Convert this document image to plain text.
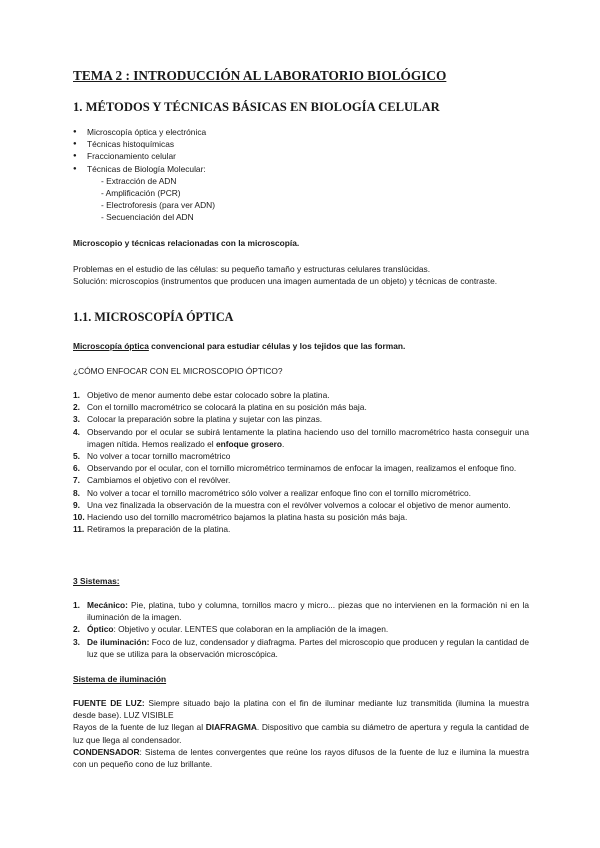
TEMA 2 : INTRODUCCIÓN AL LABORATORIO BIOLÓGICO
1. MÉTODOS Y TÉCNICAS BÁSICAS EN BIOLOGÍA CELULAR
● Microscopía óptica y electrónica
● Técnicas histoquímicas
● Fraccionamiento celular
● Técnicas de Biología Molecular:
- Extracción de ADN
- Amplificación (PCR)
- Electroforesis (para ver ADN)
- Secuenciación del ADN
Microscopio y técnicas relacionadas con la microscopía.
Problemas en el estudio de las células: su pequeño tamaño y estructuras celulares translúcidas.
Solución: microscopios (instrumentos que producen una imagen aumentada de un objeto) y técnicas de contraste.
1.1. MICROSCOPÍA ÓPTICA
Microscopía óptica convencional para estudiar células y los tejidos que las forman.
¿CÓMO ENFOCAR CON EL MICROSCOPIO ÓPTICO?
1. Objetivo de menor aumento debe estar colocado sobre la platina.
2. Con el tornillo macrométrico se colocará la platina en su posición más baja.
3. Colocar la preparación sobre la platina y sujetar con las pinzas.
4. Observando por el ocular se subirá lentamente la platina haciendo uso del tornillo macrométrico hasta conseguir una imagen nítida. Hemos realizado el enfoque grosero.
5. No volver a tocar tornillo macrométrico
6. Observando por el ocular, con el tornillo micrométrico terminamos de enfocar la imagen, realizamos el enfoque fino.
7. Cambiamos el objetivo con el revólver.
8. No volver a tocar el tornillo macrométrico sólo volver a realizar enfoque fino con el tornillo micrométrico.
9. Una vez finalizada la observación de la muestra con el revólver volvemos a colocar el objetivo de menor aumento.
10. Haciendo uso del tornillo macrométrico bajamos la platina hasta su posición más baja.
11. Retiramos la preparación de la platina.
3 Sistemas:
1. Mecánico: Pie, platina, tubo y columna, tornillos macro y micro... piezas que no intervienen en la formación ni en la iluminación de la imagen.
2. Óptico: Objetivo y ocular. LENTES que colaboran en la ampliación de la imagen.
3. De iluminación: Foco de luz, condensador y diafragma. Partes del microscopio que producen y regulan la cantidad de luz que se utiliza para la observación microscópica.
Sistema de iluminación
FUENTE DE LUZ: Siempre situado bajo la platina con el fin de iluminar mediante luz transmitida (ilumina la muestra desde base). LUZ VISIBLE
Rayos de la fuente de luz llegan al DIAFRAGMA. Dispositivo que cambia su diámetro de apertura y regula la cantidad de luz que llega al condensador.
CONDENSADOR: Sistema de lentes convergentes que reúne los rayos difusos de la fuente de luz e ilumina la muestra con un pequeño cono de luz brillante.
